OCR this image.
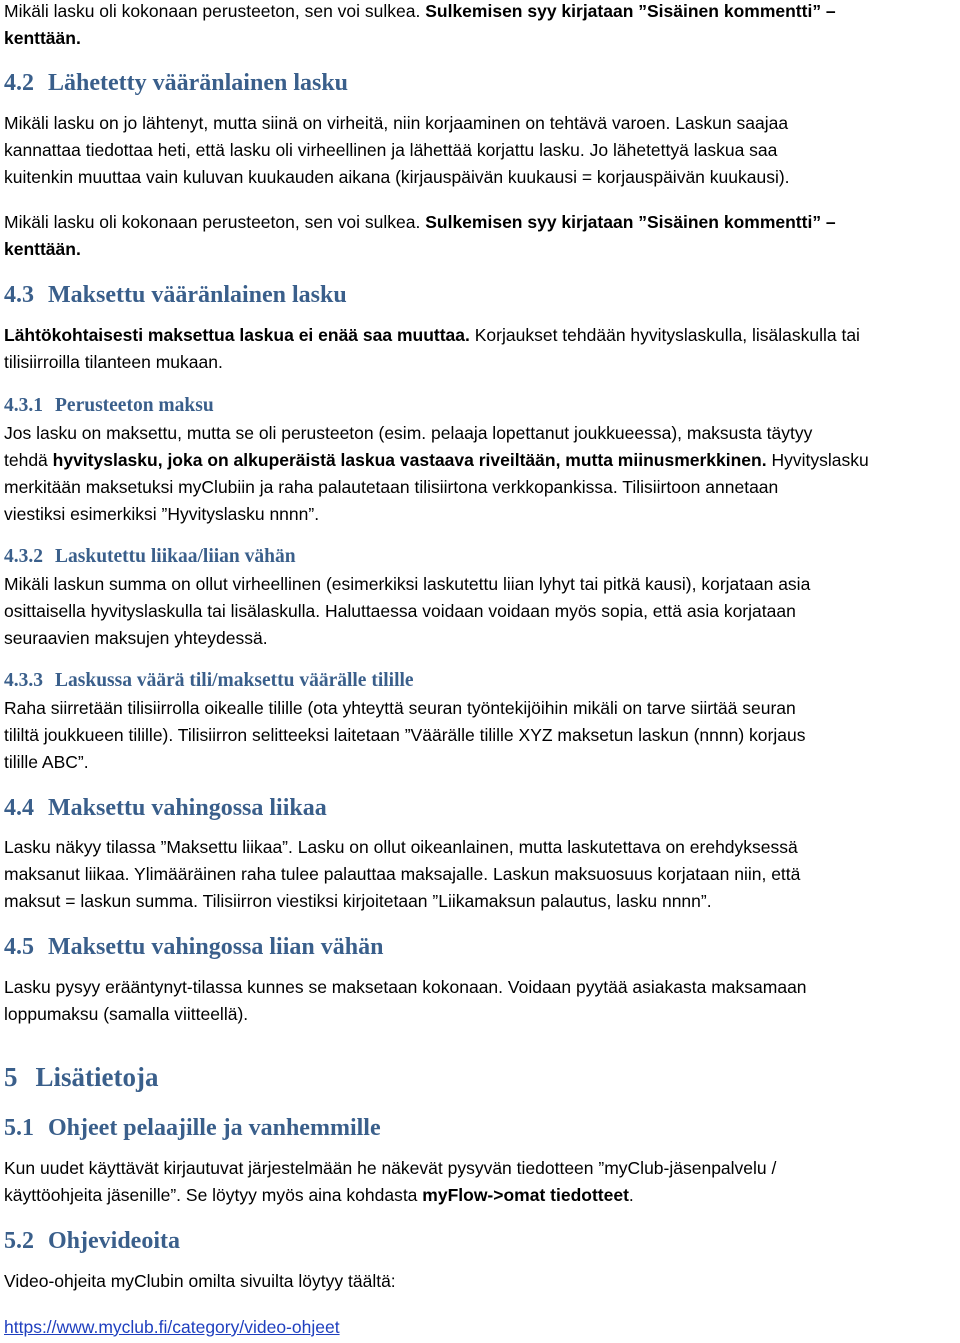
Mikäli lasku oli kokonaan perusteeton, sen voi sulkea. Sulkemisen syy kirjataan ”Sisäinen kommentti” –
kenttään.
4.2 Lähetetty vääränlainen lasku
Mikäli lasku on jo lähtenyt, mutta siinä on virheitä, niin korjaaminen on tehtävä varoen. Laskun saajaa
kannattaa tiedottaa heti, että lasku oli virheellinen ja lähettää korjattu lasku. Jo lähetettyä laskua saa
kuitenkin muuttaa vain kuluvan kuukauden aikana (kirjauspäivän kuukausi = korjauspäivän kuukausi).
Mikäli lasku oli kokonaan perusteeton, sen voi sulkea. Sulkemisen syy kirjataan ”Sisäinen kommentti” –
kenttään.
4.3 Maksettu vääränlainen lasku
Lähtökohtaisesti maksettua laskua ei enää saa muuttaa. Korjaukset tehdään hyvityslaskulla, lisälaskulla tai
tilisiirroilla tilanteen mukaan.
4.3.1 Perusteeton maksu
Jos lasku on maksettu, mutta se oli perusteeton (esim. pelaaja lopettanut joukkueessa), maksusta täytyy
tehdä hyvityslasku, joka on alkuperäistä laskua vastaava riveiltään, mutta miinusmerkkinen. Hyvityslasku
merkitään maksetuksi myClubiin ja raha palautetaan tilisiirtona verkkopankissa. Tilisiirtoon annetaan
viestiksi esimerkiksi ”Hyvityslasku nnnn”.
4.3.2 Laskutettu liikaa/liian vähän
Mikäli laskun summa on ollut virheellinen (esimerkiksi laskutettu liian lyhyt tai pitkä kausi), korjataan asia
osittaisella hyvityslaskulla tai lisälaskulla. Haluttaessa voidaan voidaan myös sopia, että asia korjataan
seuraavien maksujen yhteydessä.
4.3.3 Laskussa väärä tili/maksettu väärälle tilille
Raha siirretään tilisiirrolla oikealle tilille (ota yhteyttä seuran työntekijöihin mikäli on tarve siirtää seuran
tililtä joukkueen tilille). Tilisiirron selitteeksi laitetaan ”Väärälle tilille XYZ maksetun laskun (nnnn) korjaus
tilille ABC”.
4.4 Maksettu vahingossa liikaa
Lasku näkyy tilassa ”Maksettu liikaa”. Lasku on ollut oikeanlainen, mutta laskutettava on erehdyksessä
maksanut liikaa. Ylimääräinen raha tulee palauttaa maksajalle. Laskun maksuosuus korjataan niin, että
maksut = laskun summa. Tilisiirron viestiksi kirjoitetaan ”Liikamaksun palautus, lasku nnnn”.
4.5 Maksettu vahingossa liian vähän
Lasku pysyy erääntynyt-tilassa kunnes se maksetaan kokonaan. Voidaan pyytää asiakasta maksamaan
loppumaksu (samalla viitteellä).
5 Lisätietoja
5.1 Ohjeet pelaajille ja vanhemmille
Kun uudet käyttävät kirjautuvat järjestelmään he näkevät pysyvän tiedotteen ”myClub-jäsenpalvelu /
käyttöohjeita jäsenille”. Se löytyy myös aina kohdasta myFlow->omat tiedotteet.
5.2 Ohjevideoita
Video-ohjeita myClubin omilta sivuilta löytyy täältä:
https://www.myclub.fi/category/video-ohjeet
